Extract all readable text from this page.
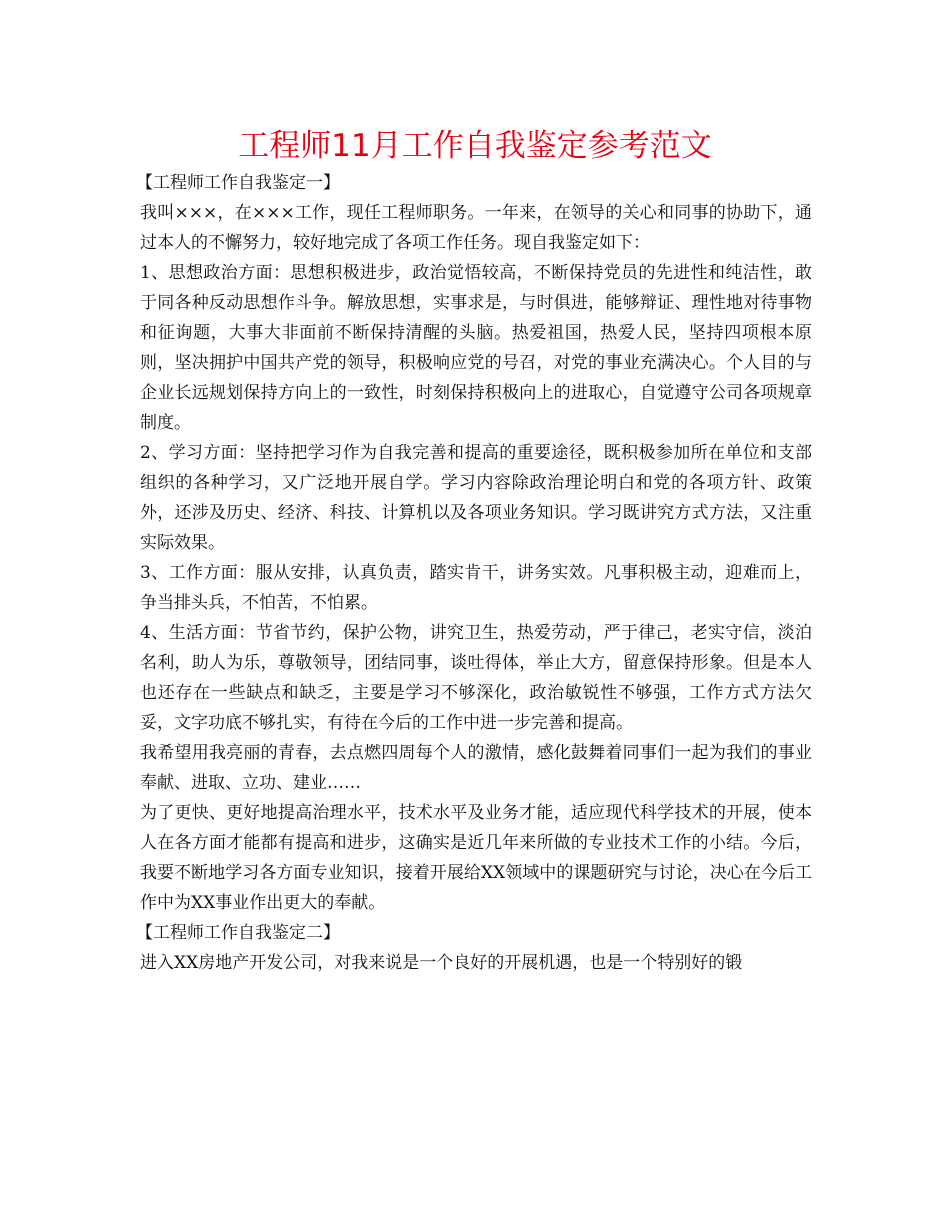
工程师11月工作自我鉴定参考范文

【工程师工作自我鉴定一】

我叫×××，在×××工作，现任工程师职务。一年来，在领导的关心和同事的协助下，通过本人的不懈努力，较好地完成了各项工作任务。现自我鉴定如下：

1、思想政治方面：思想积极进步，政治觉悟较高，不断保持党员的先进性和纯洁性，敢于同各种反动思想作斗争。解放思想，实事求是，与时俱进，能够辩证、理性地对待事物和征询题，大事大非面前不断保持清醒的头脑。热爱祖国，热爱人民，坚持四项根本原则，坚决拥护中国共产党的领导，积极响应党的号召，对党的事业充满决心。个人目的与企业长远规划保持方向上的一致性，时刻保持积极向上的进取心，自觉遵守公司各项规章制度。

2、学习方面：坚持把学习作为自我完善和提高的重要途径，既积极参加所在单位和支部组织的各种学习，又广泛地开展自学。学习内容除政治理论明白和党的各项方针、政策外，还涉及历史、经济、科技、计算机以及各项业务知识。学习既讲究方式方法，又注重实际效果。

3、工作方面：服从安排，认真负责，踏实肯干，讲务实效。凡事积极主动，迎难而上，争当排头兵，不怕苦，不怕累。

4、生活方面：节省节约，保护公物，讲究卫生，热爱劳动，严于律己，老实守信，淡泊名利，助人为乐，尊敬领导，团结同事，谈吐得体，举止大方，留意保持形象。但是本人也还存在一些缺点和缺乏，主要是学习不够深化，政治敏锐性不够强，工作方式方法欠妥，文字功底不够扎实，有待在今后的工作中进一步完善和提高。

我希望用我亮丽的青春，去点燃四周每个人的激情，感化鼓舞着同事们一起为我们的事业奉献、进取、立功、建业……

为了更快、更好地提高治理水平，技术水平及业务才能，适应现代科学技术的开展，使本人在各方面才能都有提高和进步，这确实是近几年来所做的专业技术工作的小结。今后，我要不断地学习各方面专业知识，接着开展给XX领域中的课题研究与讨论，决心在今后工作中为XX事业作出更大的奉献。

【工程师工作自我鉴定二】

进入XX房地产开发公司，对我来说是一个良好的开展机遇，也是一个特别好的锻
